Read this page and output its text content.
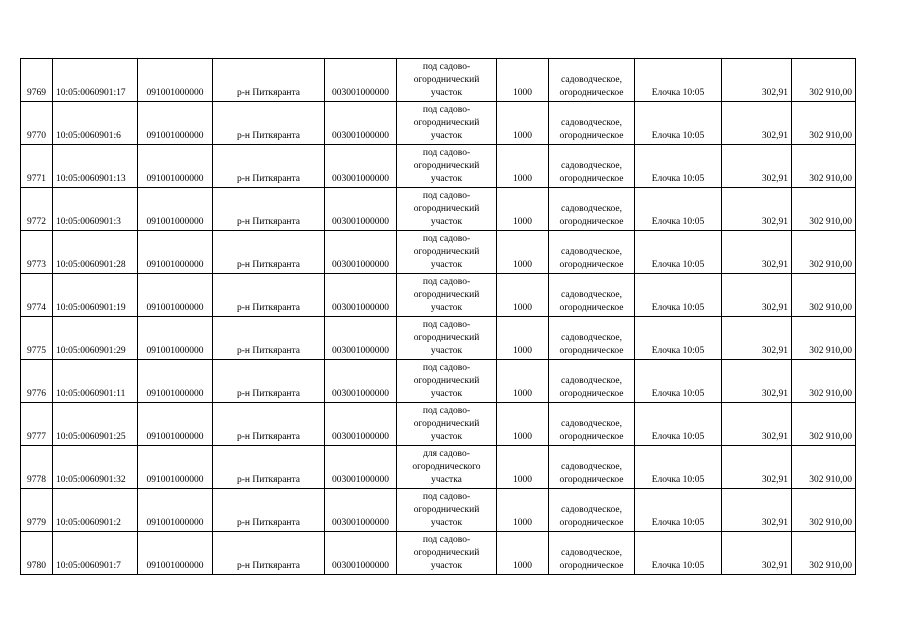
9769	10:05:0060901:17	091001000000	р-н Питкяранта	003001000000	под садово-огороднический участок	1000	садоводческое, огородническое	Елочка 10:05	302,91	302 910,00
9770	10:05:0060901:6	091001000000	р-н Питкяранта	003001000000	под садово-огороднический участок	1000	садоводческое, огородническое	Елочка 10:05	302,91	302 910,00
9771	10:05:0060901:13	091001000000	р-н Питкяранта	003001000000	под садово-огороднический участок	1000	садоводческое, огородническое	Елочка 10:05	302,91	302 910,00
9772	10:05:0060901:3	091001000000	р-н Питкяранта	003001000000	под садово-огороднический участок	1000	садоводческое, огородническое	Елочка 10:05	302,91	302 910,00
9773	10:05:0060901:28	091001000000	р-н Питкяранта	003001000000	под садово-огороднический участок	1000	садоводческое, огородническое	Елочка 10:05	302,91	302 910,00
9774	10:05:0060901:19	091001000000	р-н Питкяранта	003001000000	под садово-огороднический участок	1000	садоводческое, огородническое	Елочка 10:05	302,91	302 910,00
9775	10:05:0060901:29	091001000000	р-н Питкяранта	003001000000	под садово-огороднический участок	1000	садоводческое, огородническое	Елочка 10:05	302,91	302 910,00
9776	10:05:0060901:11	091001000000	р-н Питкяранта	003001000000	под садово-огороднический участок	1000	садоводческое, огородническое	Елочка 10:05	302,91	302 910,00
9777	10:05:0060901:25	091001000000	р-н Питкяранта	003001000000	под садово-огороднический участок	1000	садоводческое, огородническое	Елочка 10:05	302,91	302 910,00
9778	10:05:0060901:32	091001000000	р-н Питкяранта	003001000000	для садово-огороднического участка	1000	садоводческое, огородническое	Елочка 10:05	302,91	302 910,00
9779	10:05:0060901:2	091001000000	р-н Питкяранта	003001000000	под садово-огороднический участок	1000	садоводческое, огородническое	Елочка 10:05	302,91	302 910,00
9780	10:05:0060901:7	091001000000	р-н Питкяранта	003001000000	под садово-огороднический участок	1000	садоводческое, огородническое	Елочка 10:05	302,91	302 910,00
